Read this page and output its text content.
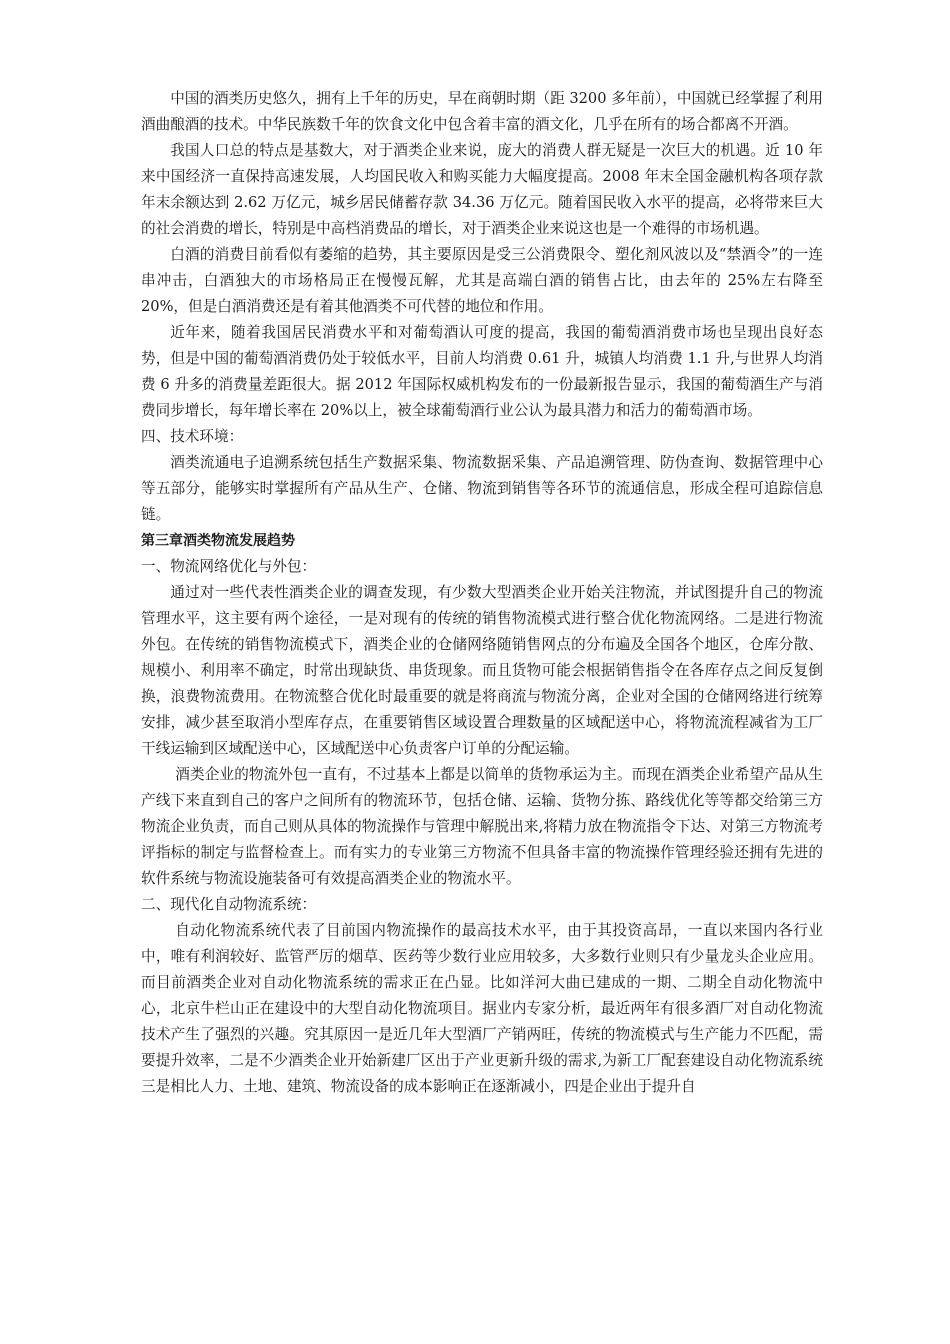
中国的酒类历史悠久，拥有上千年的历史，早在商朝时期（距 3200 多年前），中国就已经掌握了利用酒曲酿酒的技术。中华民族数千年的饮食文化中包含着丰富的酒文化，几乎在所有的场合都离不开酒。

我国人口总的特点是基数大，对于酒类企业来说，庞大的消费人群无疑是一次巨大的机遇。近 10 年来中国经济一直保持高速发展，人均国民收入和购买能力大幅度提高。2008 年末全国金融机构各项存款年末余额达到 2.62 万亿元，城乡居民储蓄存款 34.36 万亿元。随着国民收入水平的提高，必将带来巨大的社会消费的增长，特别是中高档消费品的增长，对于酒类企业来说这也是一个难得的市场机遇。

白酒的消费目前看似有萎缩的趋势，其主要原因是受三公消费限令、塑化剂风波以及“禁酒令”的一连串冲击，白酒独大的市场格局正在慢慢瓦解，尤其是高端白酒的销售占比，由去年的 25%左右降至 20%，但是白酒消费还是有着其他酒类不可代替的地位和作用。

近年来，随着我国居民消费水平和对葡萄酒认可度的提高，我国的葡萄酒消费市场也呈现出良好态势，但是中国的葡萄酒消费仍处于较低水平，目前人均消费 0.61 升，城镇人均消费 1.1 升,与世界人均消费 6 升多的消费量差距很大。据 2012 年国际权威机构发布的一份最新报告显示，我国的葡萄酒生产与消费同步增长，每年增长率在 20%以上，被全球葡萄酒行业公认为最具潜力和活力的葡萄酒市场。

四、技术环境：

酒类流通电子追溯系统包括生产数据采集、物流数据采集、产品追溯管理、防伪查询、数据管理中心等五部分，能够实时掌握所有产品从生产、仓储、物流到销售等各环节的流通信息，形成全程可追踪信息链。

第三章酒类物流发展趋势

一、物流网络优化与外包：

通过对一些代表性酒类企业的调查发现，有少数大型酒类企业开始关注物流，并试图提升自己的物流管理水平，这主要有两个途径，一是对现有的传统的销售物流模式进行整合优化物流网络。二是进行物流外包。在传统的销售物流模式下，酒类企业的仓储网络随销售网点的分布遍及全国各个地区，仓库分散、规模小、利用率不确定，时常出现缺货、串货现象。而且货物可能会根据销售指令在各库存点之间反复倒换，浪费物流费用。在物流整合优化时最重要的就是将商流与物流分离，企业对全国的仓储网络进行统筹安排，减少甚至取消小型库存点，在重要销售区域设置合理数量的区域配送中心，将物流流程减省为工厂干线运输到区域配送中心，区域配送中心负责客户订单的分配运输。

酒类企业的物流外包一直有，不过基本上都是以简单的货物承运为主。而现在酒类企业希望产品从生产线下来直到自己的客户之间所有的物流环节，包括仓储、运输、货物分拣、路线优化等等都交给第三方物流企业负责，而自己则从具体的物流操作与管理中解脱出来,将精力放在物流指令下达、对第三方物流考评指标的制定与监督检查上。而有实力的专业第三方物流不但具备丰富的物流操作管理经验还拥有先进的软件系统与物流设施装备可有效提高酒类企业的物流水平。

二、现代化自动物流系统：

自动化物流系统代表了目前国内物流操作的最高技术水平，由于其投资高昂，一直以来国内各行业中，唯有利润较好、监管严厉的烟草、医药等少数行业应用较多，大多数行业则只有少量龙头企业应用。而目前酒类企业对自动化物流系统的需求正在凸显。比如洋河大曲已建成的一期、二期全自动化物流中心，北京牛栏山正在建设中的大型自动化物流项目。据业内专家分析，最近两年有很多酒厂对自动化物流技术产生了强烈的兴趣。究其原因一是近几年大型酒厂产销两旺，传统的物流模式与生产能力不匹配，需要提升效率，二是不少酒类企业开始新建厂区出于产业更新升级的需求,为新工厂配套建设自动化物流系统三是相比人力、土地、建筑、物流设备的成本影响正在逐渐减小，四是企业出于提升自
